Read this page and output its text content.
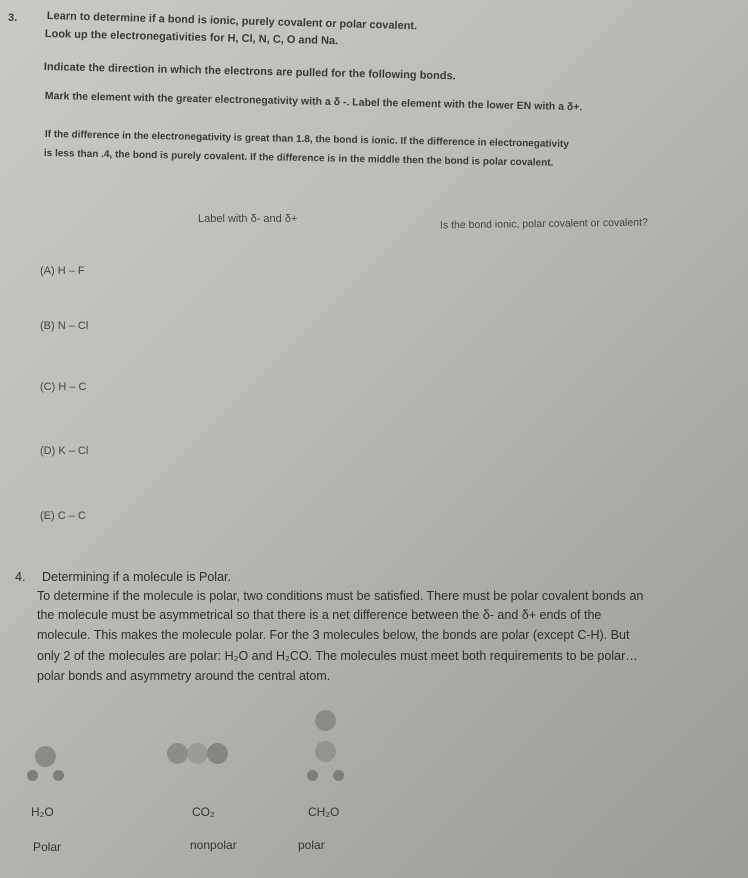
3.	Learn to determine if a bond is ionic, purely covalent or polar covalent.
Look up the electronegativities for H, Cl, N, C, O and Na.
Indicate the direction in which the electrons are pulled for the following bonds.
Mark the element with the greater electronegativity with a δ -. Label the element with the lower EN with a δ+.
If the difference in the electronegativity is great than 1.8, the bond is ionic. If the difference in electronegativity
is less than .4, the bond is purely covalent. If the difference is in the middle then the bond is polar covalent.
Label with δ- and δ+	Is the bond ionic, polar covalent or covalent?
(A) H – F
(B) N – Cl
(C) H – C
(D) K – Cl
(E) C – C
4. Determining if a molecule is Polar.
To determine if the molecule is polar, two conditions must be satisfied. There must be polar covalent bonds an
the molecule must be asymmetrical so that there is a net difference between the δ- and δ+ ends of the
molecule. This makes the molecule polar. For the 3 molecules below, the bonds are polar (except C-H). But
only 2 of the molecules are polar: H₂O and H₂CO. The molecules must meet both requirements to be polar…
polar bonds and asymmetry around the central atom.
H₂O	CO₂	CH₂O
Polar	nonpolar	polar
